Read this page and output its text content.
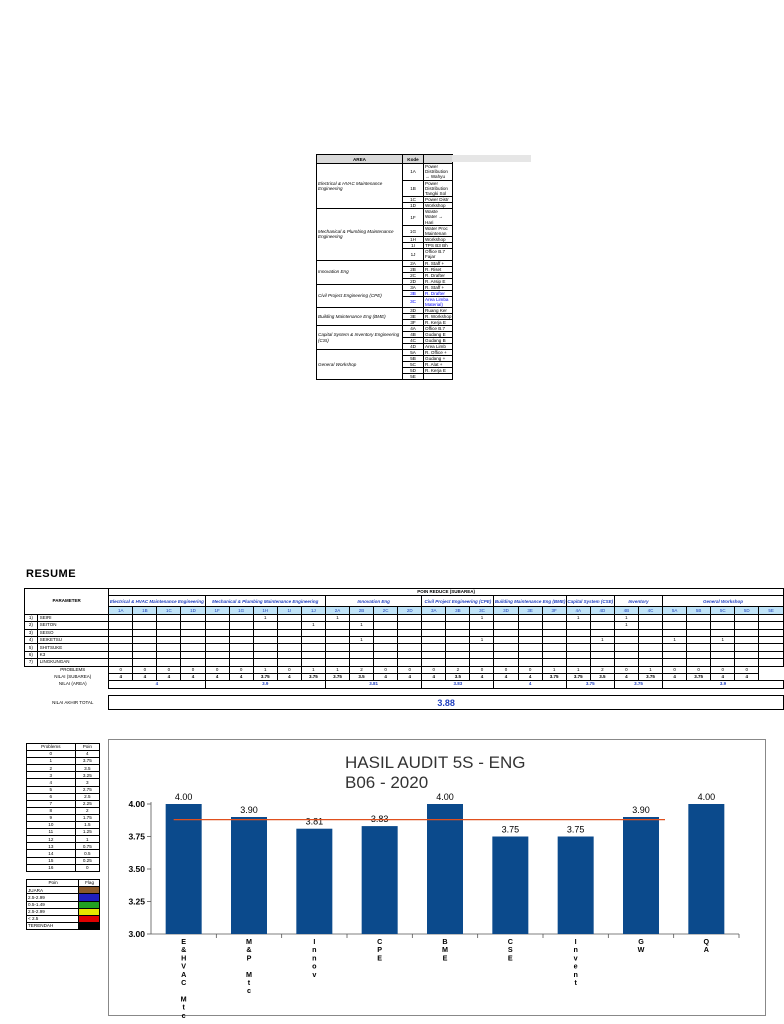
AREA	Kode	
Electrical & HVAC Maintenance Engineering	1A	Power Distribution → Wahyu
	1B	Power Distribution Tangki Sol
	1C	Power Distr
	1D	Workshop
Mechanical & Plumbing Maintenance Engineering	1F	Waste Water → Hari
	1G	Water Proc Maintenan
	1H	Workshop
	1I	TPS B3 Bh
	1J	Office B.7 Fajar
Innovation Eng	2A	R. Staff +
	2B	R. Riset
	2C	R. Drafter
	2D	R. Arsip E
Civil Project Engineering (CPE)	3A	R. Staff +
	3B	R. Drafter
	3C	Area Limba Material)
Building Maintenance Eng (BME)	3D	Ruang Ker
	3E	R. Workshop
	3F	R. Kerja E
Capital System & Inventory Engineering (CSI)	4A	Office B.7
	4B	Gudang E
	4C	Gudang B
	4D	Area Limb
General Workshop	5A	R. Office +
	5B	Gudang +
	5C	R. Alat +
	5D	R. Kerja E
	5E	
RESUME
PARAMETER		POIN REDUCE (SUBAREA)																											
		Electrical & HVAC Maintenance Engineering				Mechanical & Plumbing Maintenance Engineering					Innovation Eng				Civil Project Engineering (CPE)			Building Maintenance Eng (BME)			Capital System (CSE)		Inventory		General Workshop				
		1A	1B	1C	1D	1F	1G	1H	1I	1J	2A	2B	2C	2D	3A	3B	3C	3D	3E	3F	4A	4D	4B	4C	5A	5B	5C	5D	5E
1)	SEIRI							1			1						1				1		1						
2)	SEITON									1		1											1						
3)	SEISO																												
4)	SEIKETSU											1					1					1			1		1		
5)	SHITSUKE																												
6)	K3																												
7)	LINGKUNGAN																												
	PROBLEMS	0	0	0	0	0	0	1	0	1	1	2	0	0	0	2	0	0	0	1	1	2	0	1	0	0	0	0	
	NILAI (SUBAREA)	4	4	4	4	4	4	3.75	4	3.75	3.75	3.5	4	4	4	3.5	4	4	4	3.75	3.75	3.5	4	3.75	4	3.75	4	4	
	NILAI (AREA)	4				3.9					3.81				3.83			4			3.75		3.75		3.9				

	NILAI AKHIR TOTAL	3.88																											
Problems	Poin
0	4
1	3.75
2	3.5
3	3.25
4	3
5	2.75
6	2.5
7	2.25
8	2
9	1.75
10	1.5
11	1.25
12	1
13	0.75
14	0.5
15	0.25
16	0
Poin	Flag
JUARA	
2.5-2.99	
0.5-1.49	
2.5-2.99	
< 2.5	
TERENDAH	
HASIL AUDIT 5S - ENG
B06 - 2020
3.00
3.25
3.50
3.75
4.00
4.00
E & H V A C M t c
3.90
M & P M t c
3.81
I n n o v
3.83
C P E
4.00
B M E
3.75
C S E
3.75
I n v e n t
3.90
G W
4.00
Q A
